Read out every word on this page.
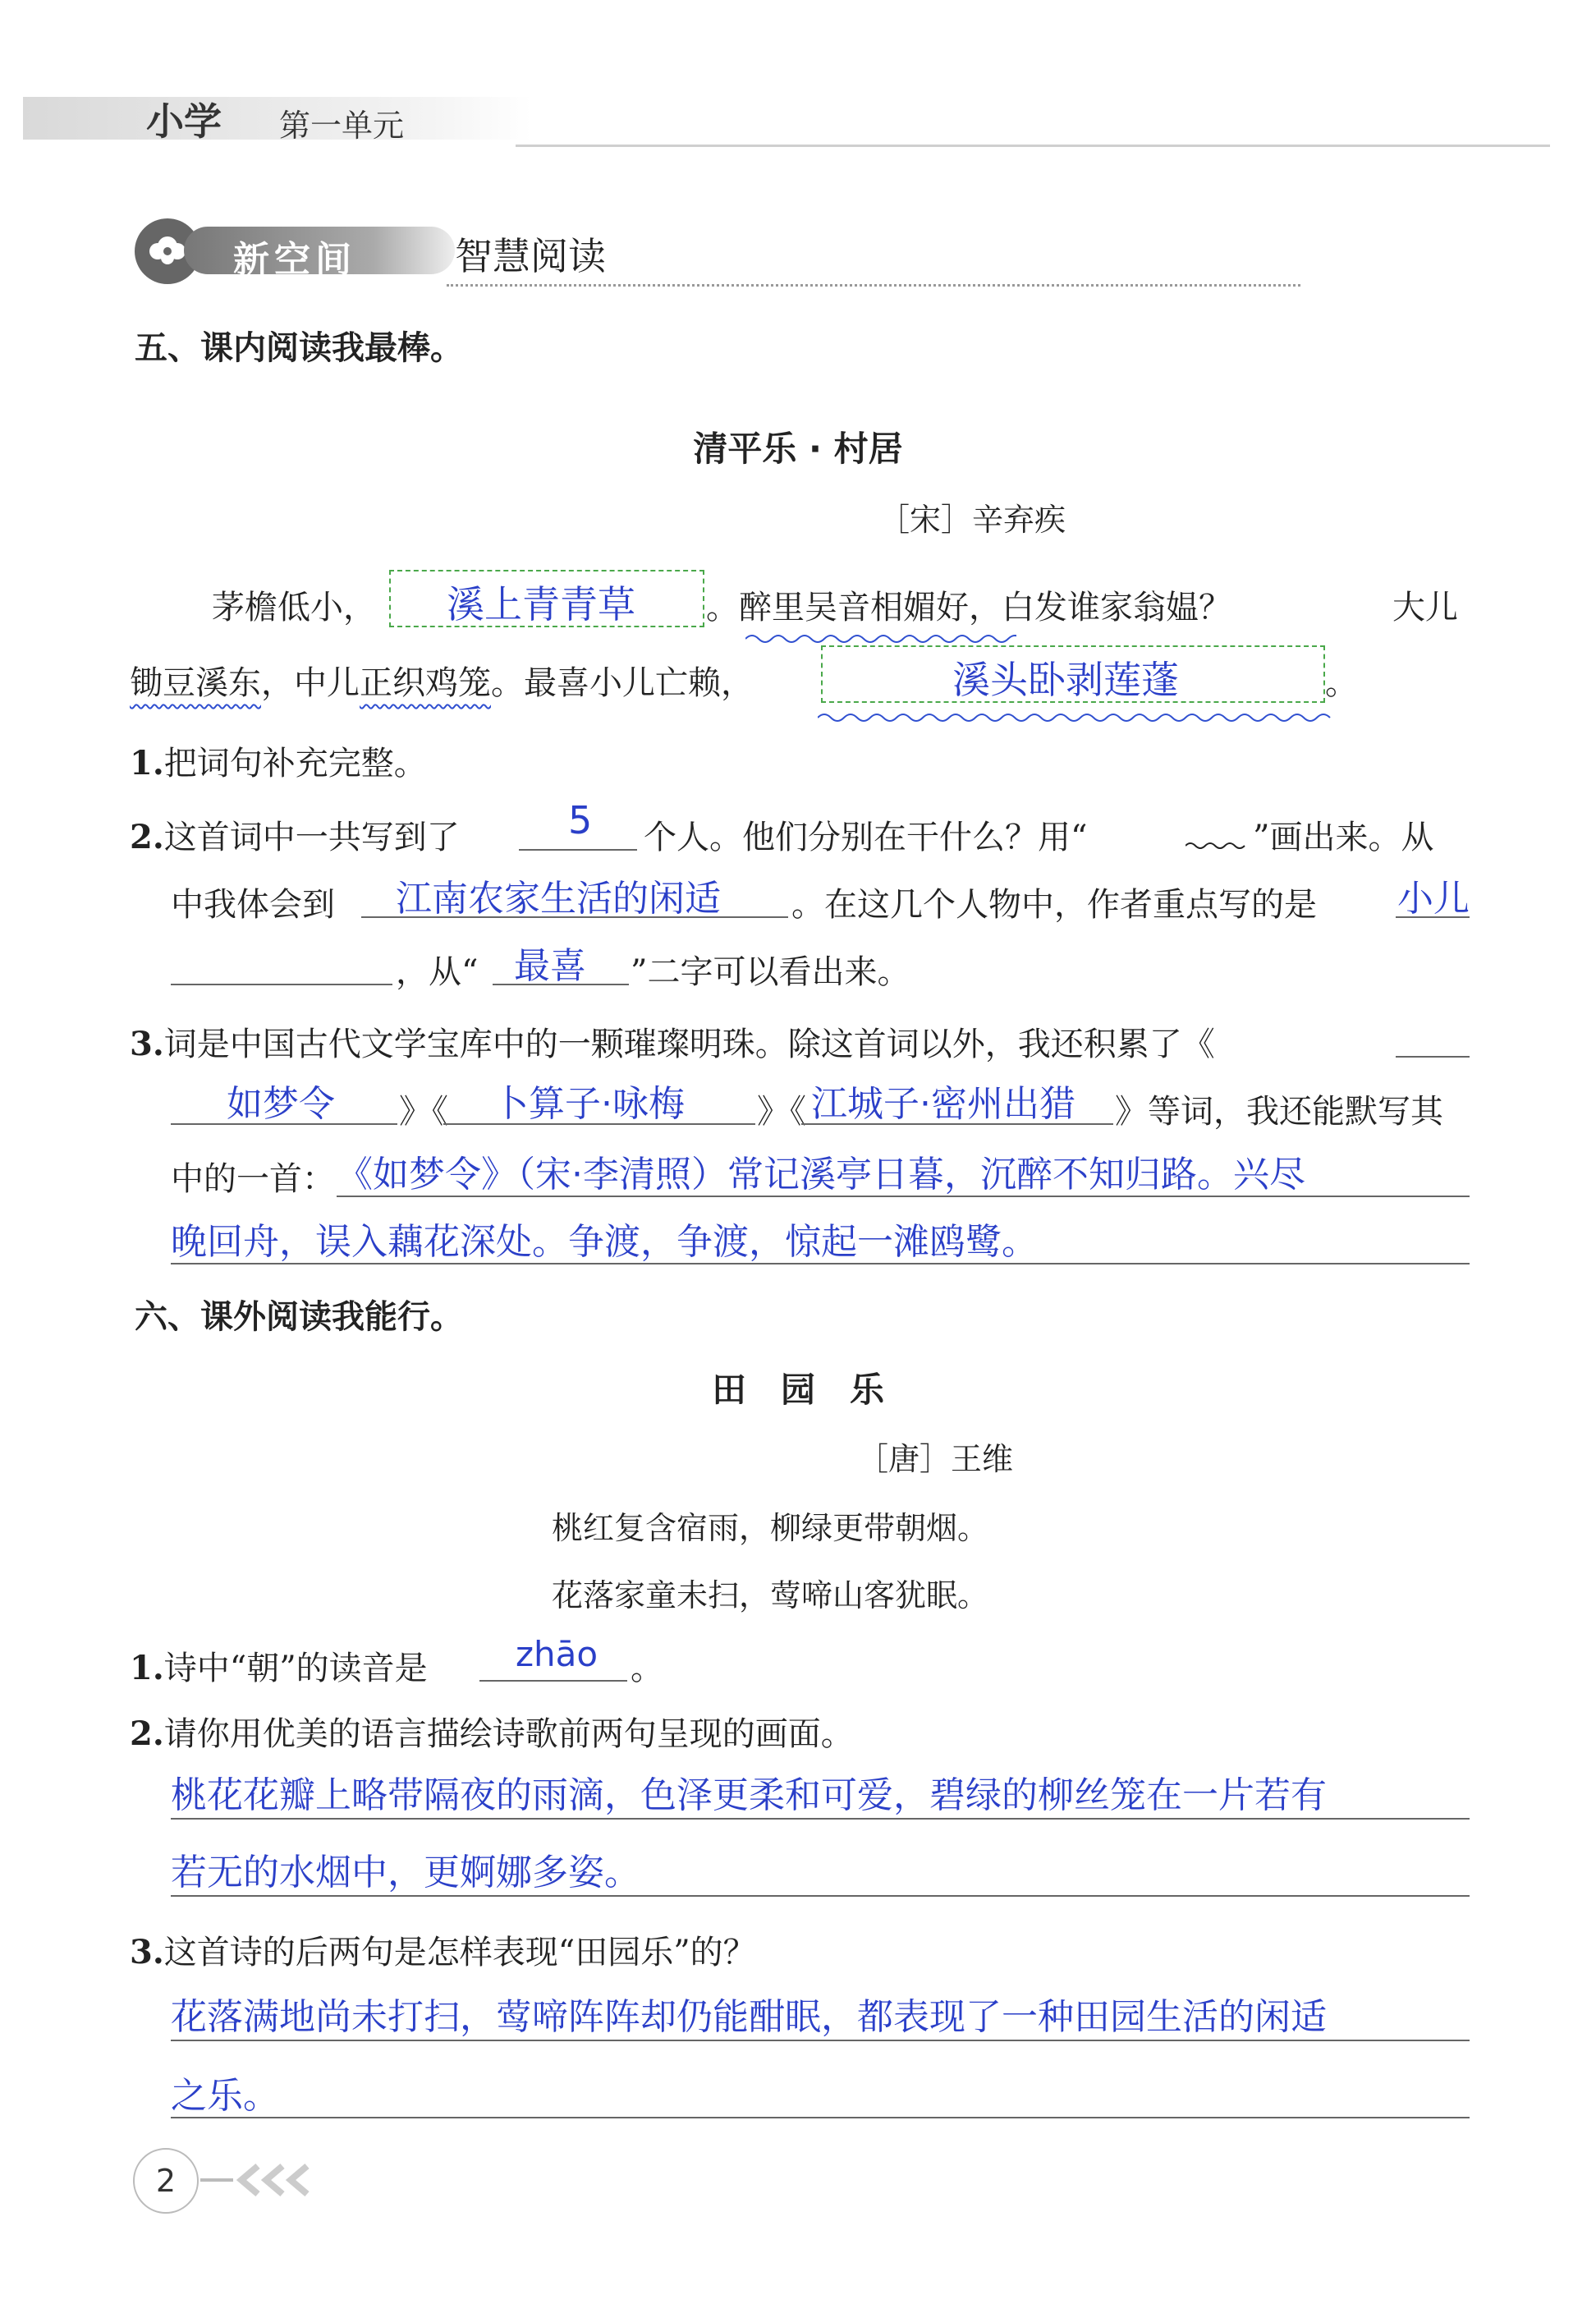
小学 第一单元
新空间	智慧阅读
五、课内阅读我最棒。
清平乐 · 村居
［宋］辛弃疾
茅檐低小， 溪上青青草 。醉里吴音相媚好，白发谁家翁媪？	大儿
锄豆溪东，中儿正织鸡笼。最喜小儿亡赖，	溪头卧剥莲蓬	。
1.把词句补充完整。
2.这首词中一共写到了	5 个人。他们分别在干什么？用“	”画出来。从
中我体会到 江南农家生活的闲适 。在这几个人物中，作者重点写的是 小儿
，从“ 最喜 ”二字可以看出来。
3.词是中国古代文学宝库中的一颗璀璨明珠。除这首词以外，我还积累了《
如梦令 》《 卜算子·咏梅 》《 江城子·密州出猎 》等词，我还能默写其
中的一首： 《如梦令》（宋·李清照）常记溪亭日暮，沉醉不知归路。兴尽
晚回舟，误入藕花深处。争渡，争渡，惊起一滩鸥鹭。
六、课外阅读我能行。
田　园　乐
［唐］王维
桃红复含宿雨，柳绿更带朝烟。
花落家童未扫，莺啼山客犹眠。
1.诗中“朝”的读音是	zhāo 。
2.请你用优美的语言描绘诗歌前两句呈现的画面。
桃花花瓣上略带隔夜的雨滴，色泽更柔和可爱，碧绿的柳丝笼在一片若有
若无的水烟中，更婀娜多姿。
3.这首诗的后两句是怎样表现“田园乐”的？
花落满地尚未打扫，莺啼阵阵却仍能酣眠，都表现了一种田园生活的闲适
之乐。
2
